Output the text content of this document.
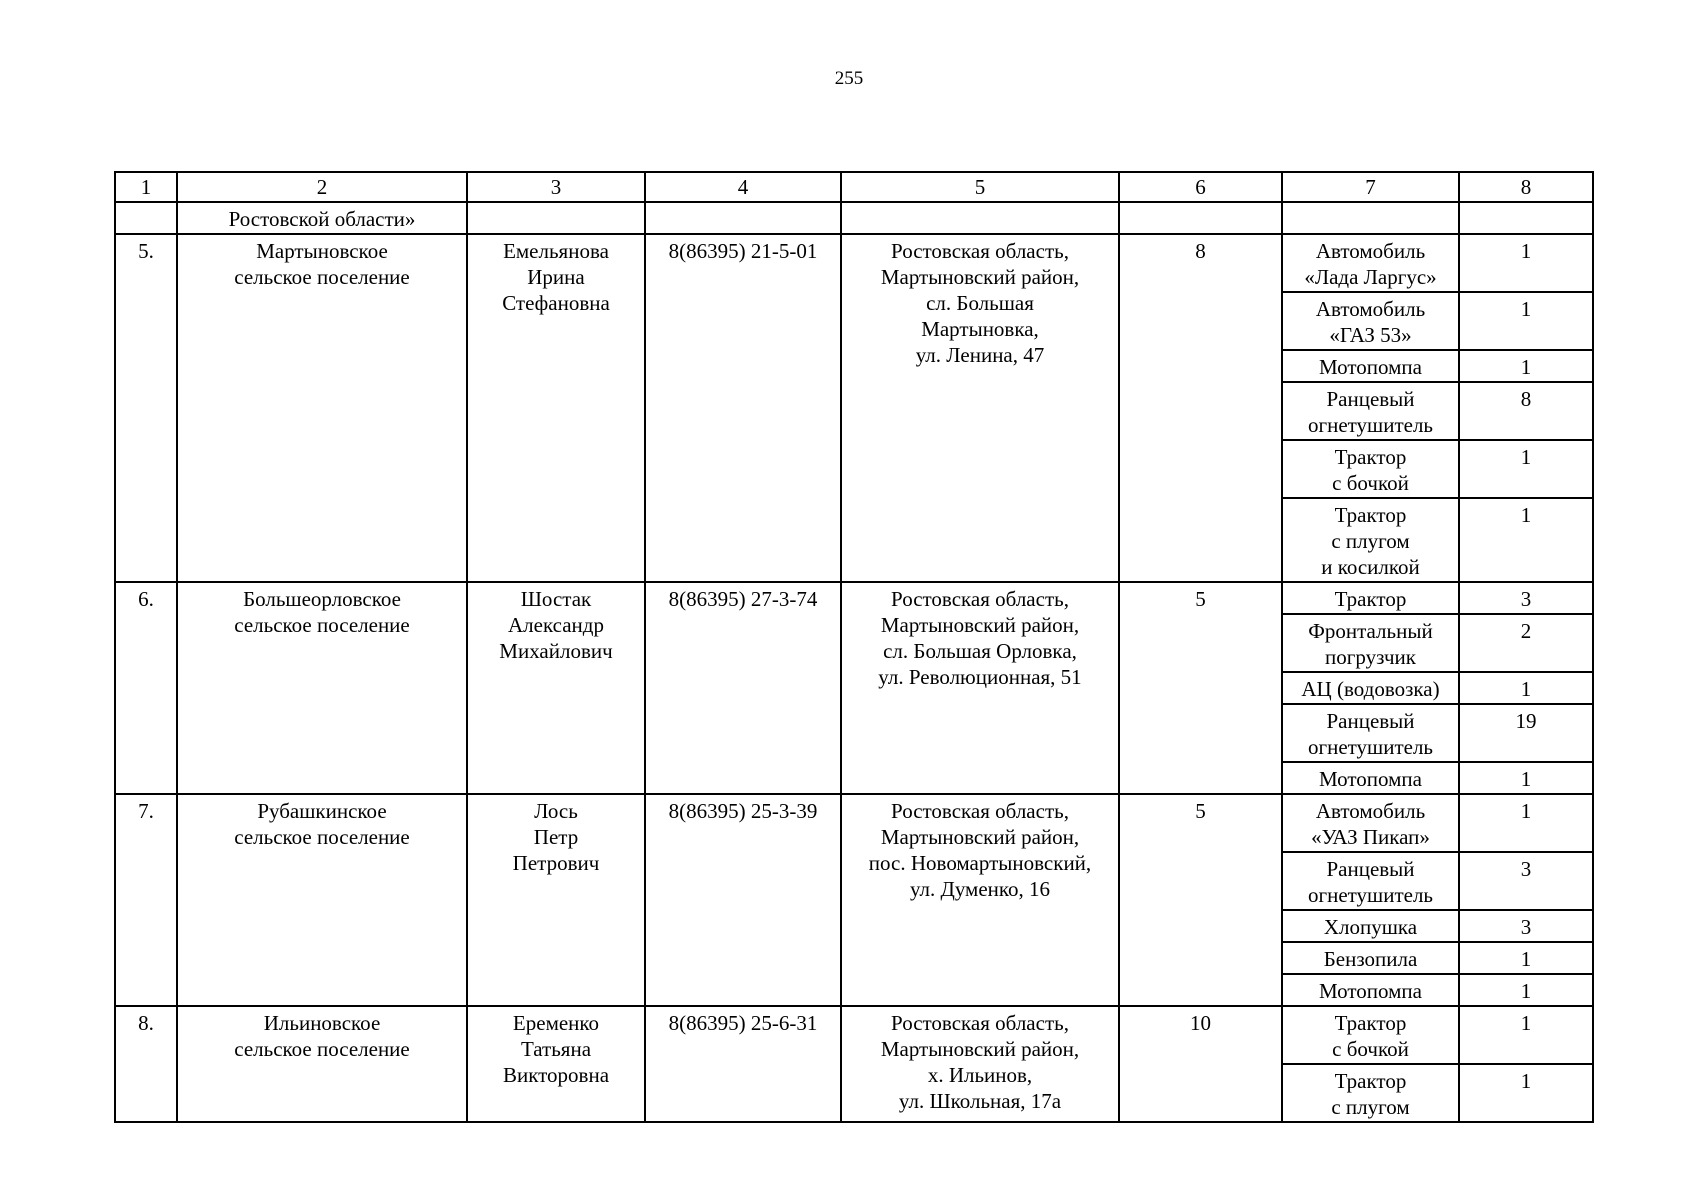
255
1	2	3	4	5	6	7	8
	Ростовской области»						
5.	Мартыновское
сельское поселение	Емельянова
Ирина
Стефановна	8(86395) 21-5-01	Ростовская область,
Мартыновский район,
сл. Большая
Мартыновка,
ул. Ленина, 47	8	Автомобиль
«Лада Ларгус»	1
						Автомобиль
«ГАЗ 53»	1
						Мотопомпа	1
						Ранцевый
огнетушитель	8
						Трактор
с бочкой	1
						Трактор
с плугом
и косилкой	1
6.	Большеорловское
сельское поселение	Шостак
Александр
Михайлович	8(86395) 27-3-74	Ростовская область,
Мартыновский район,
сл. Большая Орловка,
ул. Революционная, 51	5	Трактор	3
						Фронтальный
погрузчик	2
						АЦ (водовозка)	1
						Ранцевый
огнетушитель	19
						Мотопомпа	1
7.	Рубашкинское
сельское поселение	Лось
Петр
Петрович	8(86395) 25-3-39	Ростовская область,
Мартыновский район,
пос. Новомартыновский,
ул. Думенко, 16	5	Автомобиль
«УАЗ Пикап»	1
						Ранцевый
огнетушитель	3
						Хлопушка	3
						Бензопила	1
						Мотопомпа	1
8.	Ильиновское
сельское поселение	Еременко
Татьяна
Викторовна	8(86395) 25-6-31	Ростовская область,
Мартыновский район,
х. Ильинов,
ул. Школьная, 17а	10	Трактор
с бочкой	1
						Трактор
с плугом	1
